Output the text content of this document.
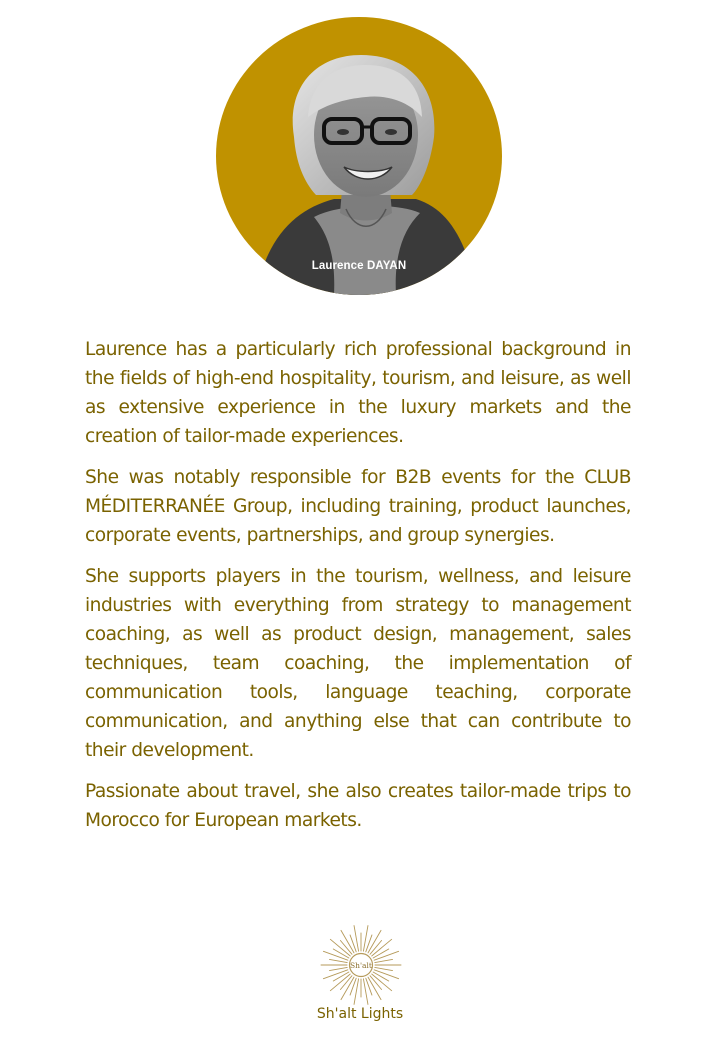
Laurence DAYAN

Laurence has a particularly rich professional background in the fields of high-end hospitality, tourism, and leisure, as well as extensive experience in the luxury markets and the creation of tailor-made experiences.

She was notably responsible for B2B events for the CLUB MÉDITERRANÉE Group, including training, product launches, corporate events, partnerships, and group synergies.

She supports players in the tourism, wellness, and leisure industries with everything from strategy to management coaching, as well as product design, management, sales techniques, team coaching, the implementation of communication tools, language teaching, corporate communication, and anything else that can contribute to their development.

Passionate about travel, she also creates tailor-made trips to Morocco for European markets.

Sh'alt
Sh'alt Lights
